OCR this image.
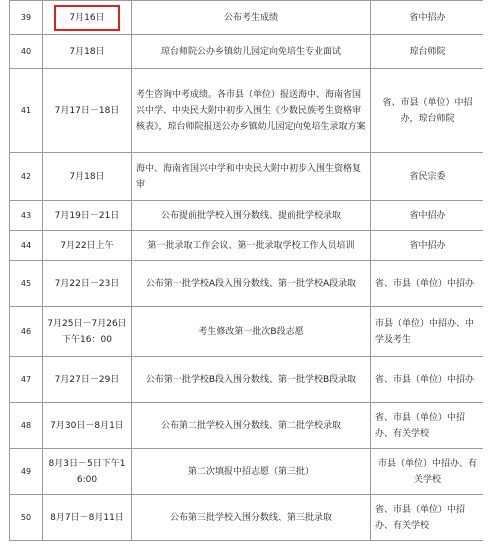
39	7月16日	公布考生成绩	省中招办
40	7月18日	琼台师院公办乡镇幼儿园定向免培生专业面试	琼台师院
41	7月17日－18日	考生咨询中考成绩。各市县（单位）报送海中、海南省国兴中学、中央民大附中初步入围生《少数民族考生资格审核表》，琼台师院报送公办乡镇幼儿园定向免培生录取方案	省、市县（单位）中招办，琼台师院
42	7月18日	海中、海南省国兴中学和中央民大附中初步入围生资格复审	省民宗委
43	7月19日－21日	公布提前批学校入围分数线、提前批学校录取	省中招办
44	7月22日上午	第一批录取工作会议、第一批录取学校工作人员培训	省中招办
45	7月22日－23日	公布第一批学校A段入围分数线、第一批学校A段录取	省、市县（单位）中招办
46	7月25日－7月26日下午16：00	考生修改第一批次B段志愿	市县（单位）中招办、中学及考生
47	7月27日－29日	公布第一批学校B段入围分数线、第一批学校B段录取	省、市县（单位）中招办
48	7月30日－8月1日	公布第二批学校入围分数线、第二批学校录取	省、市县（单位）中招办、有关学校
49	8月3日－5日下午16:00	第二次填报中招志愿（第三批）	市县（单位）中招办、有关学校
50	8月7日－8月11日	公布第三批学校入围分数线、第三批录取	省、市县（单位）中招办、有关学校
